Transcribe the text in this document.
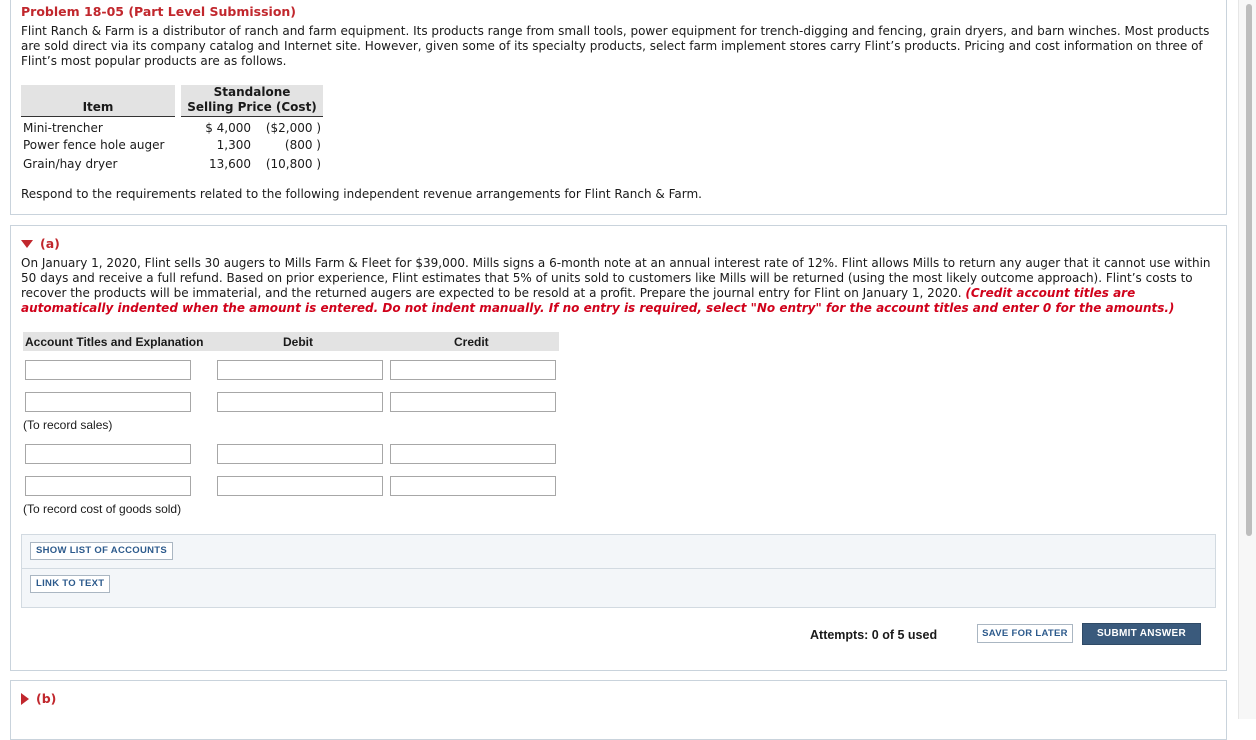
Problem 18-05 (Part Level Submission)
Flint Ranch & Farm is a distributor of ranch and farm equipment. Its products range from small tools, power equipment for trench-digging and fencing, grain dryers, and barn winches. Most products are sold direct via its company catalog and Internet site. However, given some of its specialty products, select farm implement stores carry Flint’s products. Pricing and cost information on three of Flint’s most popular products are as follows.
Item		Standalone
Selling Price (Cost)	

Mini-trencher		$ 4,000	($2,000 )
Power fence hole auger		1,300	(800 )
Grain/hay dryer		13,600	(10,800 )
Respond to the requirements related to the following independent revenue arrangements for Flint Ranch & Farm.
(a)
On January 1, 2020, Flint sells 30 augers to Mills Farm & Fleet for $39,000. Mills signs a 6-month note at an annual interest rate of 12%. Flint allows Mills to return any auger that it cannot use within 50 days and receive a full refund. Based on prior experience, Flint estimates that 5% of units sold to customers like Mills will be returned (using the most likely outcome approach). Flint’s costs to recover the products will be immaterial, and the returned augers are expected to be resold at a profit. Prepare the journal entry for Flint on January 1, 2020. (Credit account titles are automatically indented when the amount is entered. Do not indent manually. If no entry is required, select "No entry" for the account titles and enter 0 for the amounts.)
Account Titles and Explanation	Debit	Credit
(To record sales)
(To record cost of goods sold)
SHOW LIST OF ACCOUNTS
LINK TO TEXT
Attempts: 0 of 5 used	SAVE FOR LATER	SUBMIT ANSWER
(b)
